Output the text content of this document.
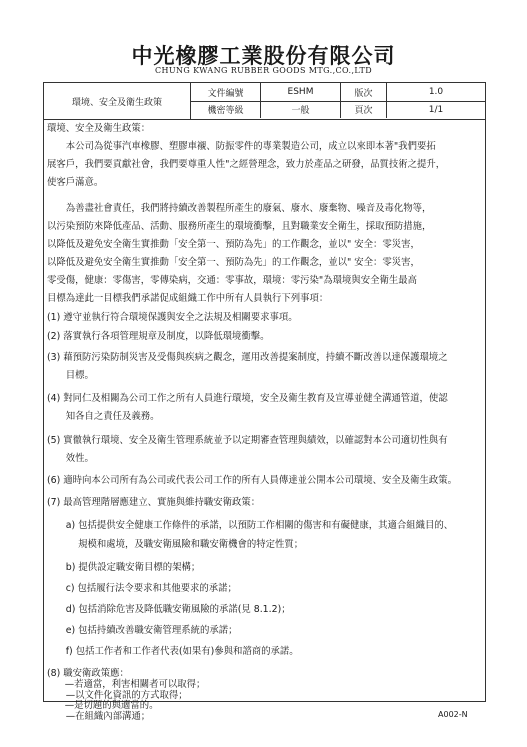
中光橡膠工業股份有限公司
CHUNG KWANG RUBBER GOODS MTG.,CO.,LTD
環境、安全及衛生政策
文件編號	ESHM	版次	1.0
機密等級	一般	頁次	1/1
環境、安全及衛生政策：
　　本公司為從事汽車橡膠、塑膠車襯、防振零件的專業製造公司，成立以來即本著"我們要拓
展客戶，我們要貢獻社會，我們要尊重人性"之經營理念，致力於產品之研發，品質技術之提升，
使客戶滿意。
　　為善盡社會責任，我們將持續改善製程所產生的廢氣、廢水、廢棄物、噪音及毒化物等，
以污染預防來降低產品、活動、服務所產生的環境衝擊，且對職業安全衛生，採取預防措施，
以降低及避免安全衛生實推動「安全第一、預防為先」的工作觀念，並以" 安全：零災害，
以降低及避免安全衛生實推動「安全第一、預防為先」的工作觀念，並以" 安全：零災害，
零受傷，健康：零傷害，零傳染病，交通：零事故，環境：零污染"為環境與安全衛生最高
目標為達此一目標我們承諾促成組織工作中所有人員執行下列事項：
(1) 遵守並執行符合環境保護與安全之法規及相關要求事項。
(2) 落實執行各項管理規章及制度，以降低環境衝擊。
(3) 藉預防污染防制災害及受傷與疾病之觀念，運用改善提案制度，持續不斷改善以達保護環境之
　　目標。
(4) 對同仁及相關為公司工作之所有人員進行環境，安全及衛生教育及宣導並健全溝通管道，使認
　　知各自之責任及義務。
(5) 實徹執行環境、安全及衛生管理系統並予以定期審查管理與績效，以確認對本公司適切性與有
　　效性。
(6) 適時向本公司所有為公司或代表公司工作的所有人員傳達並公開本公司環境、安全及衛生政策。
(7) 最高管理階層應建立、實施與維持職安衛政策：
　　a) 包括提供安全健康工作條件的承諾，以預防工作相關的傷害和有礙健康，其適合組織目的、
　　　 規模和處境，及職安衛風險和職安衛機會的特定性質；
　　b) 提供設定職安衛目標的架構；
　　c) 包括履行法令要求和其他要求的承諾；
　　d) 包括消除危害及降低職安衛風險的承諾(見 8.1.2)；
　　e) 包括持續改善職安衛管理系統的承諾；
　　f) 包括工作者和工作者代表(如果有)參與和諮商的承諾。
(8) 職安衛政策應：
　　—以文件化資訊的方式取得；
　　—在組織內部溝通；
　　—若適當，利害相關者可以取得；
　　—是切題的與適當的。
A002-N
